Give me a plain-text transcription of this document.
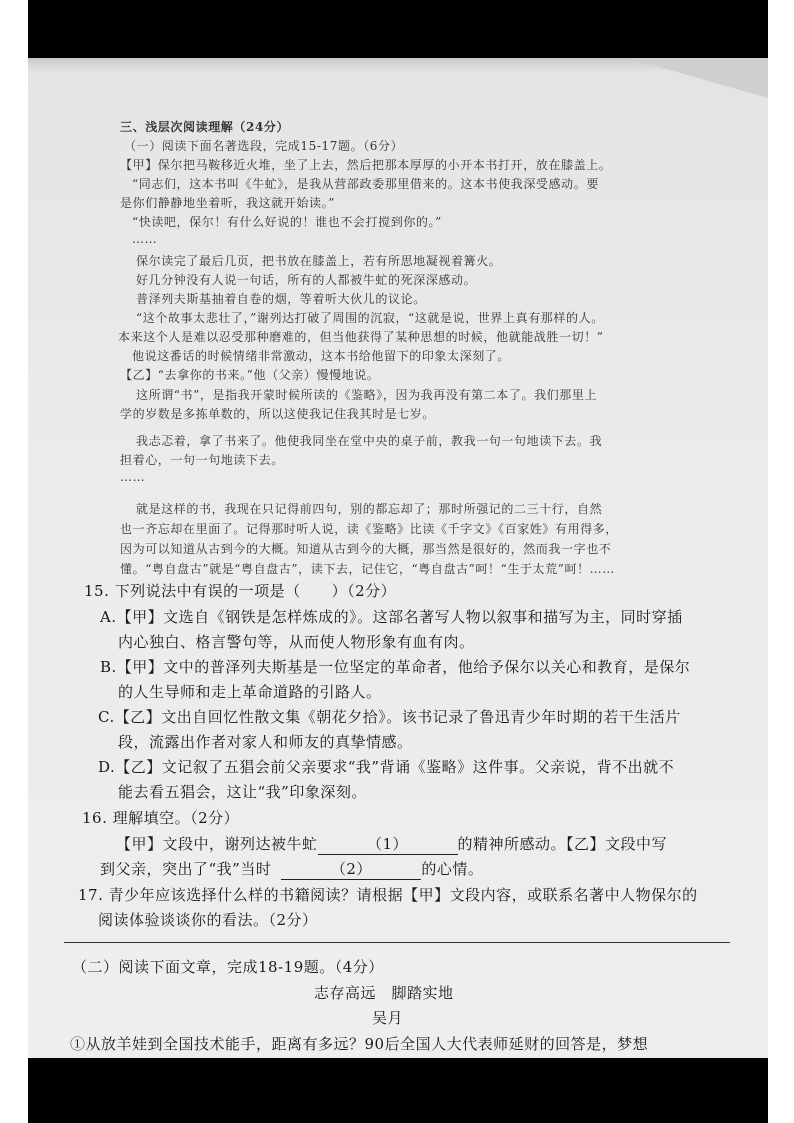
三、浅层次阅读理解（24分）
（一）阅读下面名著选段，完成15-17题。（6分）
【甲】保尔把马鞍移近火堆，坐了上去，然后把那本厚厚的小开本书打开，放在膝盖上。
“同志们，这本书叫《牛虻》，是我从营部政委那里借来的。这本书使我深受感动。要
是你们静静地坐着听，我这就开始读。”
“快读吧，保尔！有什么好说的！谁也不会打搅到你的。”
……
保尔读完了最后几页，把书放在膝盖上，若有所思地凝视着篝火。
好几分钟没有人说一句话，所有的人都被牛虻的死深深感动。
普泽列夫斯基抽着自卷的烟，等着听大伙儿的议论。
“这个故事太悲壮了，”谢列达打破了周围的沉寂，“这就是说，世界上真有那样的人。
本来这个人是难以忍受那种磨难的，但当他获得了某种思想的时候，他就能战胜一切！”
他说这番话的时候情绪非常激动，这本书给他留下的印象太深刻了。
【乙】“去拿你的书来。”他（父亲）慢慢地说。
这所谓“书”，是指我开蒙时候所读的《鉴略》，因为我再没有第二本了。我们那里上
学的岁数是多拣单数的，所以这使我记住我其时是七岁。
我忐忑着，拿了书来了。他使我同坐在堂中央的桌子前，教我一句一句地读下去。我
担着心，一句一句地读下去。
……
就是这样的书，我现在只记得前四句，别的都忘却了；那时所强记的二三十行，自然
也一齐忘却在里面了。记得那时听人说，读《鉴略》比读《千字文》《百家姓》有用得多，
因为可以知道从古到今的大概。知道从古到今的大概，那当然是很好的，然而我一字也不
懂。“粤自盘古”就是“粤自盘古”，读下去，记住它，“粤自盘古”呵！“生于太荒”呵！……
15. 下列说法中有误的一项是（　　）（2分）
A.【甲】文选自《钢铁是怎样炼成的》。这部名著写人物以叙事和描写为主，同时穿插
内心独白、格言警句等，从而使人物形象有血有肉。
B.【甲】文中的普泽列夫斯基是一位坚定的革命者，他给予保尔以关心和教育，是保尔
的人生导师和走上革命道路的引路人。
C.【乙】文出自回忆性散文集《朝花夕拾》。该书记录了鲁迅青少年时期的若干生活片
段，流露出作者对家人和师友的真挚情感。
D.【乙】文记叙了五猖会前父亲要求“我”背诵《鉴略》这件事。父亲说，背不出就不
能去看五猖会，这让“我”印象深刻。
16. 理解填空。（2分）
【甲】文段中，谢列达被牛虻	（1）	的精神所感动。【乙】文段中写
到父亲，突出了“我”当时	（2）	的心情。
17. 青少年应该选择什么样的书籍阅读？请根据【甲】文段内容，或联系名著中人物保尔的
阅读体验谈谈你的看法。（2分）
（二）阅读下面文章，完成18-19题。（4分）
志存高远　脚踏实地
吴月
①从放羊娃到全国技术能手，距离有多远？90后全国人大代表师延财的回答是，梦想
